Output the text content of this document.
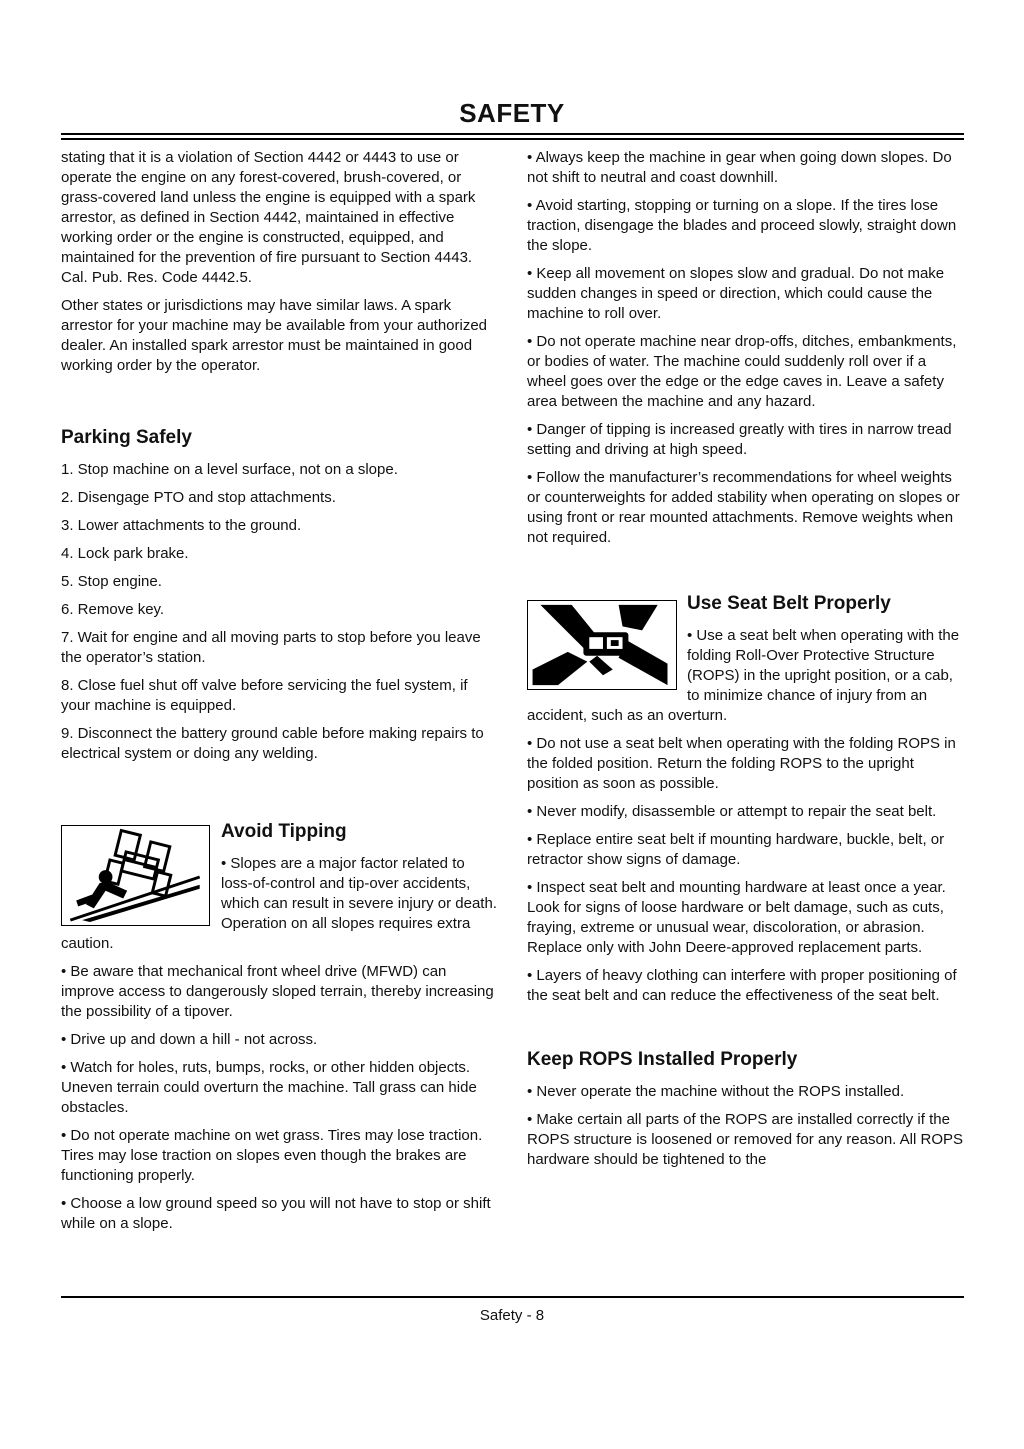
SAFETY

stating that it is a violation of Section 4442 or 4443 to use or operate the engine on any forest-covered, brush-covered, or grass-covered land unless the engine is equipped with a spark arrestor, as defined in Section 4442, maintained in effective working order or the engine is constructed, equipped, and maintained for the prevention of fire pursuant to Section 4443. Cal. Pub. Res. Code 4442.5.

Other states or jurisdictions may have similar laws. A spark arrestor for your machine may be available from your authorized dealer. An installed spark arrestor must be maintained in good working order by the operator.

Parking Safely

1. Stop machine on a level surface, not on a slope.

2. Disengage PTO and stop attachments.

3. Lower attachments to the ground.

4. Lock park brake.

5. Stop engine.

6. Remove key.

7. Wait for engine and all moving parts to stop before you leave the operator’s station.

8. Close fuel shut off valve before servicing the fuel system, if your machine is equipped.

9. Disconnect the battery ground cable before making repairs to electrical system or doing any welding.

Avoid Tipping

• Slopes are a major factor related to loss-of-control and tip-over accidents, which can result in severe injury or death. Operation on all slopes requires extra caution.

• Be aware that mechanical front wheel drive (MFWD) can improve access to dangerously sloped terrain, thereby increasing the possibility of a tipover.

• Drive up and down a hill - not across.

• Watch for holes, ruts, bumps, rocks, or other hidden objects. Uneven terrain could overturn the machine. Tall grass can hide obstacles.

• Do not operate machine on wet grass. Tires may lose traction. Tires may lose traction on slopes even though the brakes are functioning properly.

• Choose a low ground speed so you will not have to stop or shift while on a slope.

• Always keep the machine in gear when going down slopes. Do not shift to neutral and coast downhill.

• Avoid starting, stopping or turning on a slope. If the tires lose traction, disengage the blades and proceed slowly, straight down the slope.

• Keep all movement on slopes slow and gradual. Do not make sudden changes in speed or direction, which could cause the machine to roll over.

• Do not operate machine near drop-offs, ditches, embankments, or bodies of water. The machine could suddenly roll over if a wheel goes over the edge or the edge caves in. Leave a safety area between the machine and any hazard.

• Danger of tipping is increased greatly with tires in narrow tread setting and driving at high speed.

• Follow the manufacturer’s recommendations for wheel weights or counterweights for added stability when operating on slopes or using front or rear mounted attachments. Remove weights when not required.

Use Seat Belt Properly

• Use a seat belt when operating with the folding Roll-Over Protective Structure (ROPS) in the upright position, or a cab, to minimize chance of injury from an accident, such as an overturn.

• Do not use a seat belt when operating with the folding ROPS in the folded position. Return the folding ROPS to the upright position as soon as possible.

• Never modify, disassemble or attempt to repair the seat belt.

• Replace entire seat belt if mounting hardware, buckle, belt, or retractor show signs of damage.

• Inspect seat belt and mounting hardware at least once a year. Look for signs of loose hardware or belt damage, such as cuts, fraying, extreme or unusual wear, discoloration, or abrasion. Replace only with John Deere-approved replacement parts.

• Layers of heavy clothing can interfere with proper positioning of the seat belt and can reduce the effectiveness of the seat belt.

Keep ROPS Installed Properly

• Never operate the machine without the ROPS installed.

• Make certain all parts of the ROPS are installed correctly if the ROPS structure is loosened or removed for any reason. All ROPS hardware should be tightened to the

Safety - 8
